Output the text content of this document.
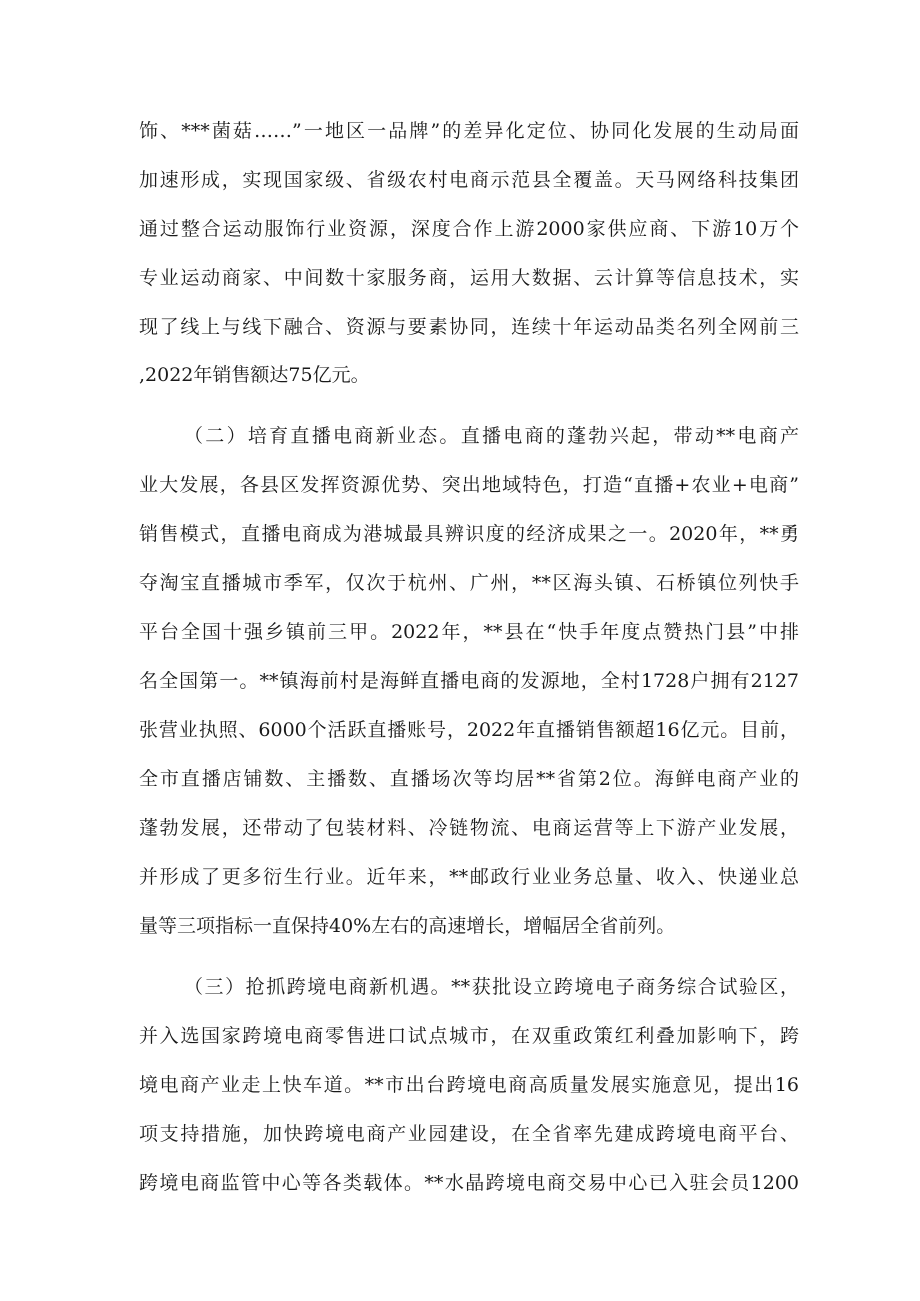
饰、***菌菇……”一地区一品牌”的差异化定位、协同化发展的生动局面
加速形成，实现国家级、省级农村电商示范县全覆盖。天马网络科技集团
通过整合运动服饰行业资源，深度合作上游2000家供应商、下游10万个
专业运动商家、中间数十家服务商，运用大数据、云计算等信息技术，实
现了线上与线下融合、资源与要素协同，连续十年运动品类名列全网前三
,2022年销售额达75亿元。
（二）培育直播电商新业态。直播电商的蓬勃兴起，带动**电商产
业大发展，各县区发挥资源优势、突出地域特色，打造“直播+农业+电商”
销售模式，直播电商成为港城最具辨识度的经济成果之一。2020年，**勇
夺淘宝直播城市季军，仅次于杭州、广州，**区海头镇、石桥镇位列快手
平台全国十强乡镇前三甲。2022年，**县在“快手年度点赞热门县”中排
名全国第一。**镇海前村是海鲜直播电商的发源地，全村1728户拥有2127
张营业执照、6000个活跃直播账号，2022年直播销售额超16亿元。目前，
全市直播店铺数、主播数、直播场次等均居**省第2位。海鲜电商产业的
蓬勃发展，还带动了包装材料、冷链物流、电商运营等上下游产业发展，
并形成了更多衍生行业。近年来，**邮政行业业务总量、收入、快递业总
量等三项指标一直保持40%左右的高速增长，增幅居全省前列。
（三）抢抓跨境电商新机遇。**获批设立跨境电子商务综合试验区，
并入选国家跨境电商零售进口试点城市，在双重政策红利叠加影响下，跨
境电商产业走上快车道。**市出台跨境电商高质量发展实施意见，提出16
项支持措施，加快跨境电商产业园建设，在全省率先建成跨境电商平台、
跨境电商监管中心等各类载体。**水晶跨境电商交易中心已入驻会员1200
